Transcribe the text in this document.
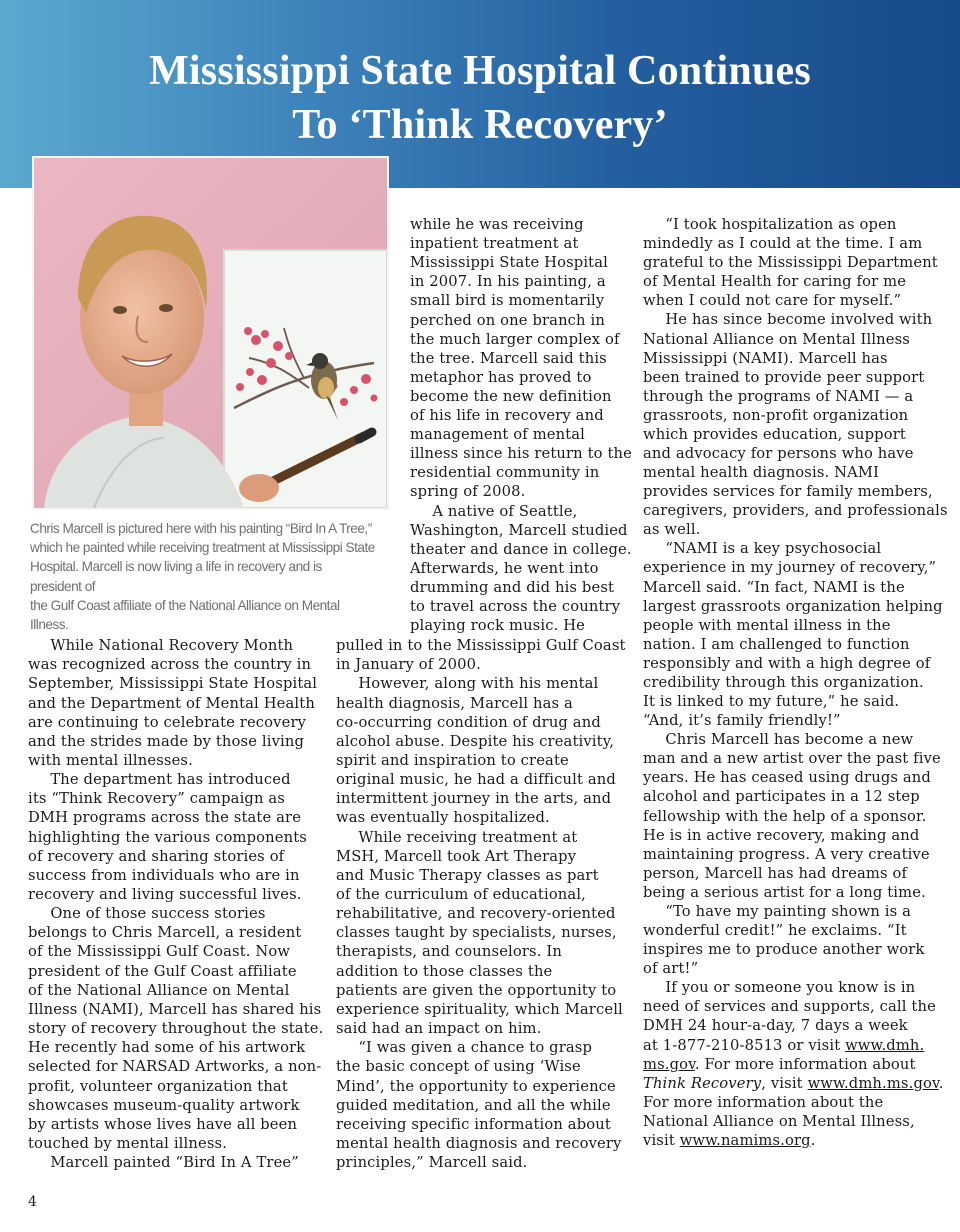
Mississippi State Hospital Continues
To ‘Think Recovery’
Chris Marcell is pictured here with his painting “Bird In A Tree,”
which he painted while receiving treatment at Mississippi State
Hospital. Marcell is now living a life in recovery and is president of
the Gulf Coast affiliate of the National Alliance on Mental Illness.
  While National Recovery Month
was recognized across the country in
September, Mississippi State Hospital
and the Department of Mental Health
are continuing to celebrate recovery
and the strides made by those living
with mental illnesses.
  The department has introduced
its “Think Recovery” campaign as
DMH programs across the state are
highlighting the various components
of recovery and sharing stories of
success from individuals who are in
recovery and living successful lives.
  One of those success stories
belongs to Chris Marcell, a resident
of the Mississippi Gulf Coast. Now
president of the Gulf Coast affiliate
of the National Alliance on Mental
Illness (NAMI), Marcell has shared his
story of recovery throughout the state.
He recently had some of his artwork
selected for NARSAD Artworks, a non-
profit, volunteer organization that
showcases museum-quality artwork
by artists whose lives have all been
touched by mental illness.
  Marcell painted “Bird In A Tree”
while he was receiving
inpatient treatment at
Mississippi State Hospital
in 2007. In his painting, a
small bird is momentarily
perched on one branch in
the much larger complex of
the tree. Marcell said this
metaphor has proved to
become the new definition
of his life in recovery and
management of mental
illness since his return to the
residential community in
spring of 2008.
  A native of Seattle,
Washington, Marcell studied
theater and dance in college.
Afterwards, he went into
drumming and did his best
to travel across the country
playing rock music. He
pulled in to the Mississippi Gulf Coast
in January of 2000.
  However, along with his mental
health diagnosis, Marcell has a
co-occurring condition of drug and
alcohol abuse. Despite his creativity,
spirit and inspiration to create
original music, he had a difficult and
intermittent journey in the arts, and
was eventually hospitalized.
  While receiving treatment at
MSH, Marcell took Art Therapy
and Music Therapy classes as part
of the curriculum of educational,
rehabilitative, and recovery-oriented
classes taught by specialists, nurses,
therapists, and counselors. In
addition to those classes the
patients are given the opportunity to
experience spirituality, which Marcell
said had an impact on him.
  “I was given a chance to grasp
the basic concept of using ‘Wise
Mind’, the opportunity to experience
guided meditation, and all the while
receiving specific information about
mental health diagnosis and recovery
principles,” Marcell said.
  “I took hospitalization as open
mindedly as I could at the time. I am
grateful to the Mississippi Department
of Mental Health for caring for me
when I could not care for myself.”
  He has since become involved with
National Alliance on Mental Illness
Mississippi (NAMI). Marcell has
been trained to provide peer support
through the programs of NAMI — a
grassroots, non-profit organization
which provides education, support
and advocacy for persons who have
mental health diagnosis. NAMI
provides services for family members,
caregivers, providers, and professionals
as well.
  “NAMI is a key psychosocial
experience in my journey of recovery,”
Marcell said. “In fact, NAMI is the
largest grassroots organization helping
people with mental illness in the
nation. I am challenged to function
responsibly and with a high degree of
credibility through this organization.
It is linked to my future,” he said.
“And, it’s family friendly!”
  Chris Marcell has become a new
man and a new artist over the past five
years. He has ceased using drugs and
alcohol and participates in a 12 step
fellowship with the help of a sponsor.
He is in active recovery, making and
maintaining progress. A very creative
person, Marcell has had dreams of
being a serious artist for a long time.
  “To have my painting shown is a
wonderful credit!” he exclaims. “It
inspires me to produce another work
of art!”
  If you or someone you know is in
need of services and supports, call the
DMH 24 hour-a-day, 7 days a week
at 1-877-210-8513 or visit www.dmh.
ms.gov. For more information about
Think Recovery, visit www.dmh.ms.gov.
For more information about the
National Alliance on Mental Illness,
visit www.namims.org.
4
